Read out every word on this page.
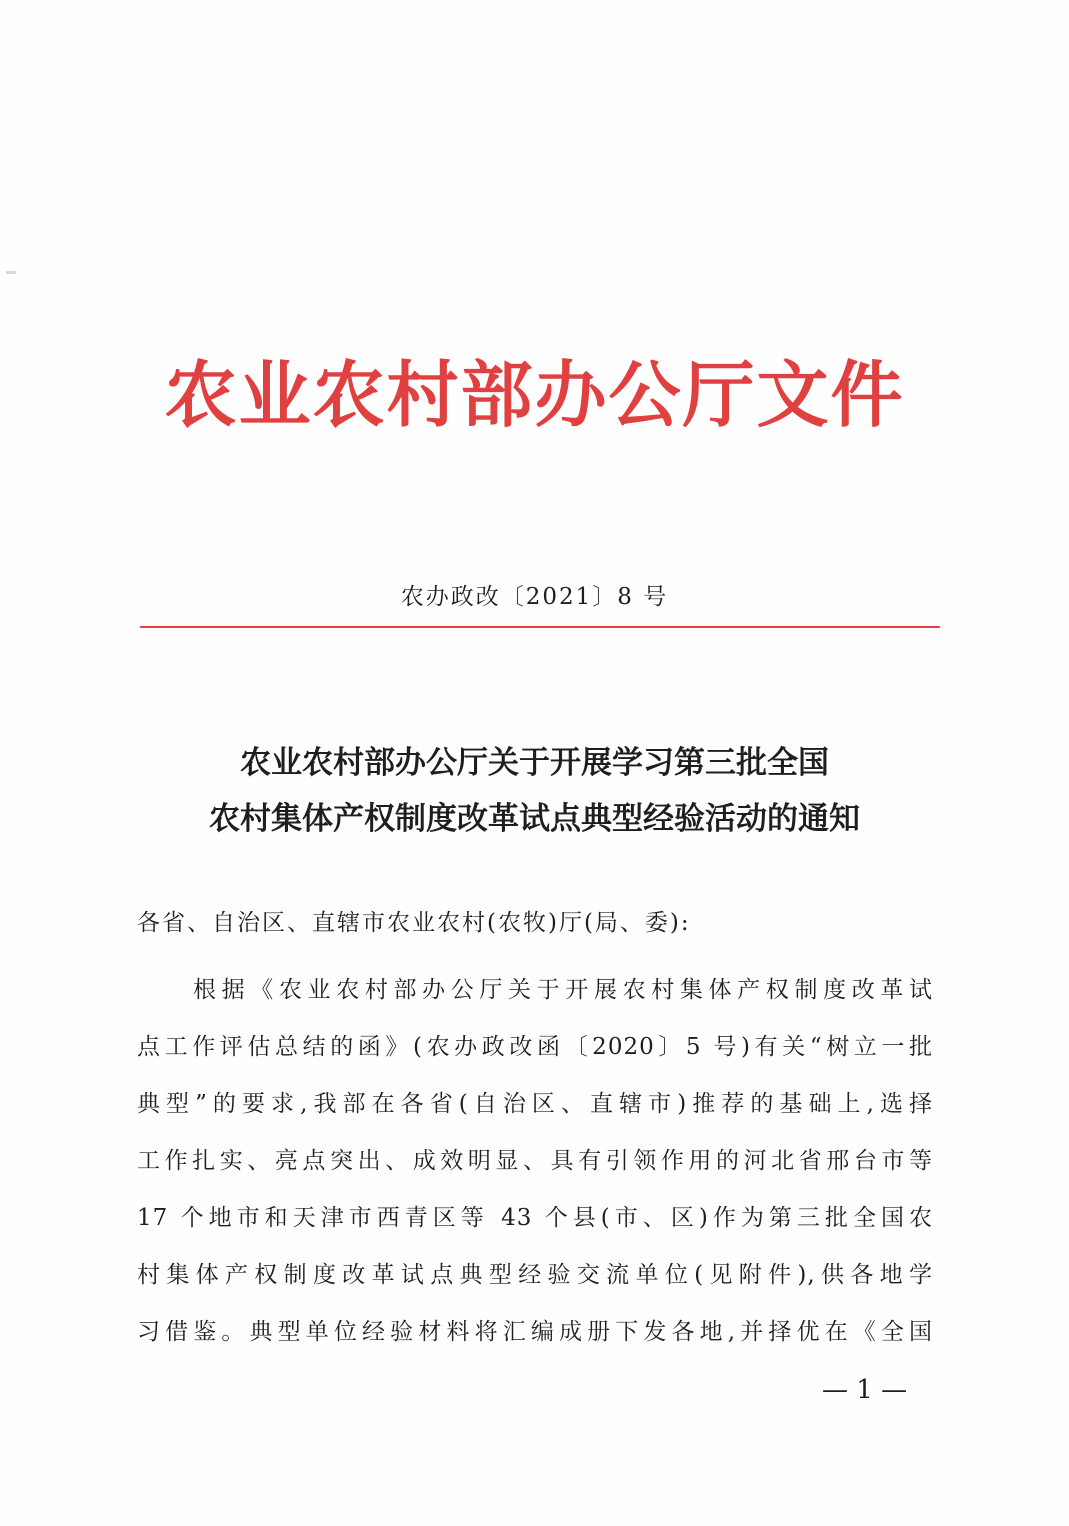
农业农村部办公厅文件
农办政改〔2021〕8 号
农业农村部办公厅关于开展学习第三批全国
农村集体产权制度改革试点典型经验活动的通知
各省、自治区、直辖市农业农村(农牧)厅(局、委):
根据《农业农村部办公厅关于开展农村集体产权制度改革试
点工作评估总结的函》(农办政改函〔2020〕5 号)有关“树立一批
典型”的要求,我部在各省(自治区、直辖市)推荐的基础上,选择
工作扎实、亮点突出、成效明显、具有引领作用的河北省邢台市等
17 个地市和天津市西青区等 43 个县(市、区)作为第三批全国农
村集体产权制度改革试点典型经验交流单位(见附件),供各地学
习借鉴。典型单位经验材料将汇编成册下发各地,并择优在《全国
— 1 —
